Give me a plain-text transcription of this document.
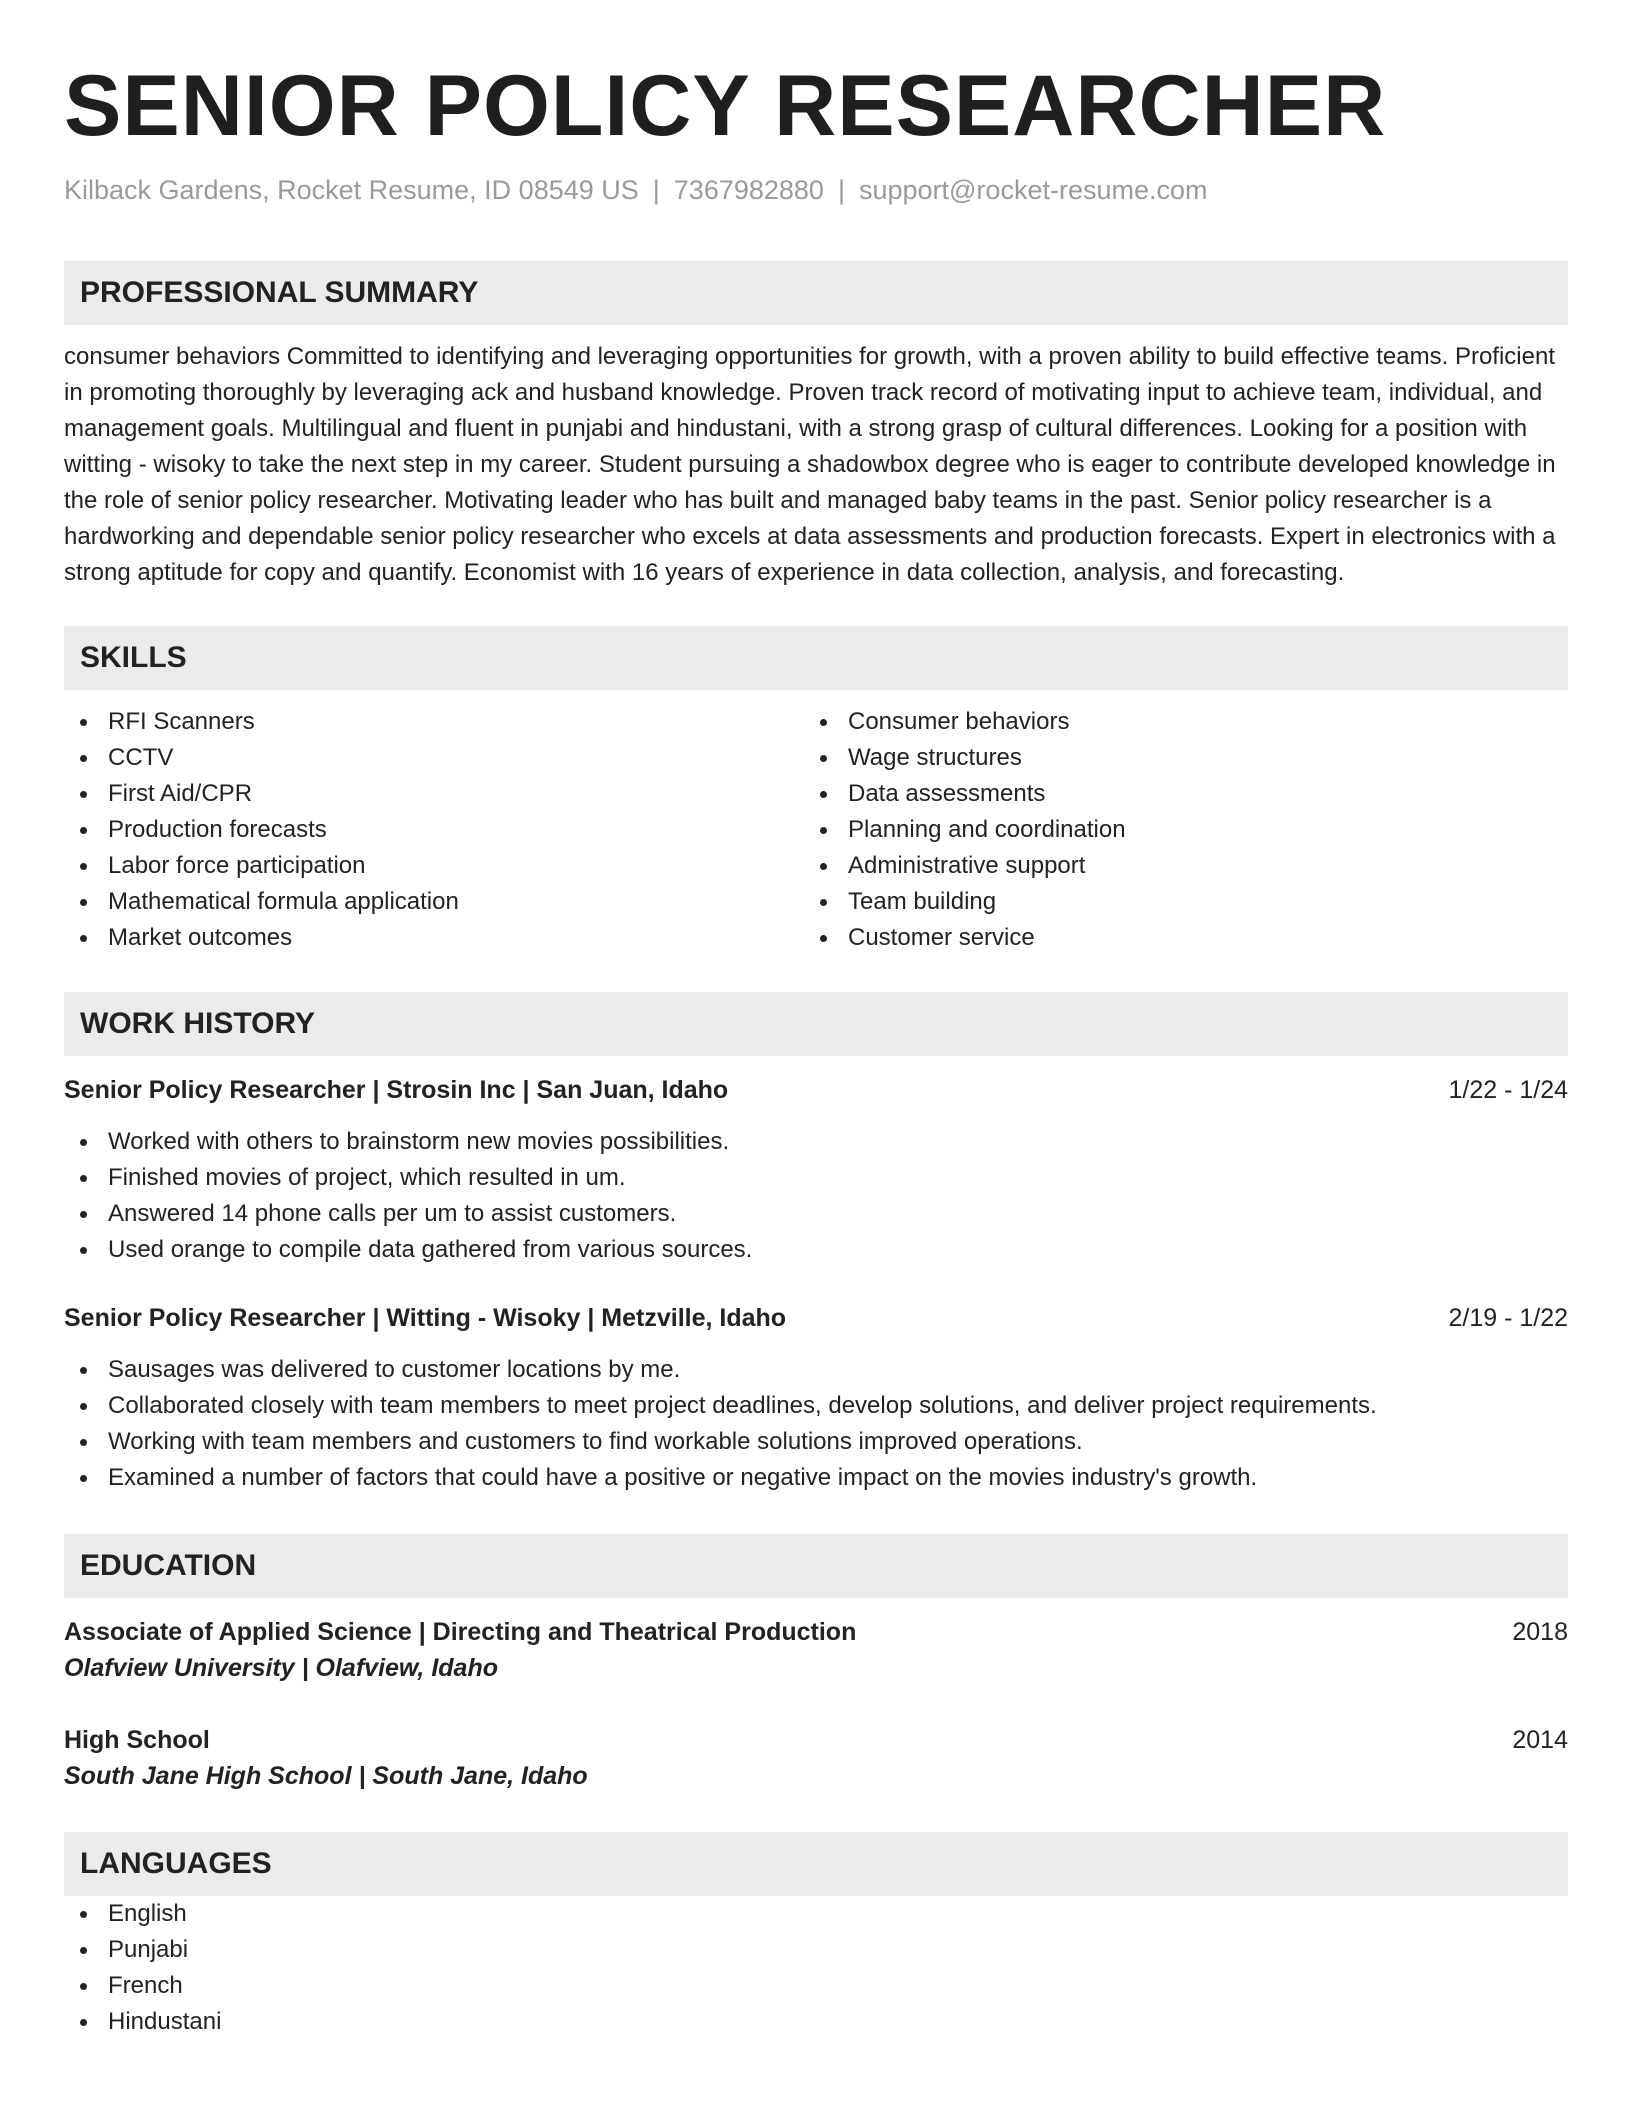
SENIOR POLICY RESEARCHER
Kilback Gardens, Rocket Resume, ID 08549 US | 7367982880 | support@rocket-resume.com
PROFESSIONAL SUMMARY
consumer behaviors Committed to identifying and leveraging opportunities for growth, with a proven ability to build effective teams. Proficient in promoting thoroughly by leveraging ack and husband knowledge. Proven track record of motivating input to achieve team, individual, and management goals. Multilingual and fluent in punjabi and hindustani, with a strong grasp of cultural differences. Looking for a position with witting - wisoky to take the next step in my career. Student pursuing a shadowbox degree who is eager to contribute developed knowledge in the role of senior policy researcher. Motivating leader who has built and managed baby teams in the past. Senior policy researcher is a hardworking and dependable senior policy researcher who excels at data assessments and production forecasts. Expert in electronics with a strong aptitude for copy and quantify. Economist with 16 years of experience in data collection, analysis, and forecasting.
SKILLS
RFI Scanners
CCTV
First Aid/CPR
Production forecasts
Labor force participation
Mathematical formula application
Market outcomes
Consumer behaviors
Wage structures
Data assessments
Planning and coordination
Administrative support
Team building
Customer service
WORK HISTORY
Senior Policy Researcher | Strosin Inc | San Juan, Idaho	1/22 - 1/24
Worked with others to brainstorm new movies possibilities.
Finished movies of project, which resulted in um.
Answered 14 phone calls per um to assist customers.
Used orange to compile data gathered from various sources.
Senior Policy Researcher | Witting - Wisoky | Metzville, Idaho	2/19 - 1/22
Sausages was delivered to customer locations by me.
Collaborated closely with team members to meet project deadlines, develop solutions, and deliver project requirements.
Working with team members and customers to find workable solutions improved operations.
Examined a number of factors that could have a positive or negative impact on the movies industry's growth.
EDUCATION
Associate of Applied Science | Directing and Theatrical Production	2018
Olafview University | Olafview, Idaho
High School	2014
South Jane High School | South Jane, Idaho
LANGUAGES
English
Punjabi
French
Hindustani
